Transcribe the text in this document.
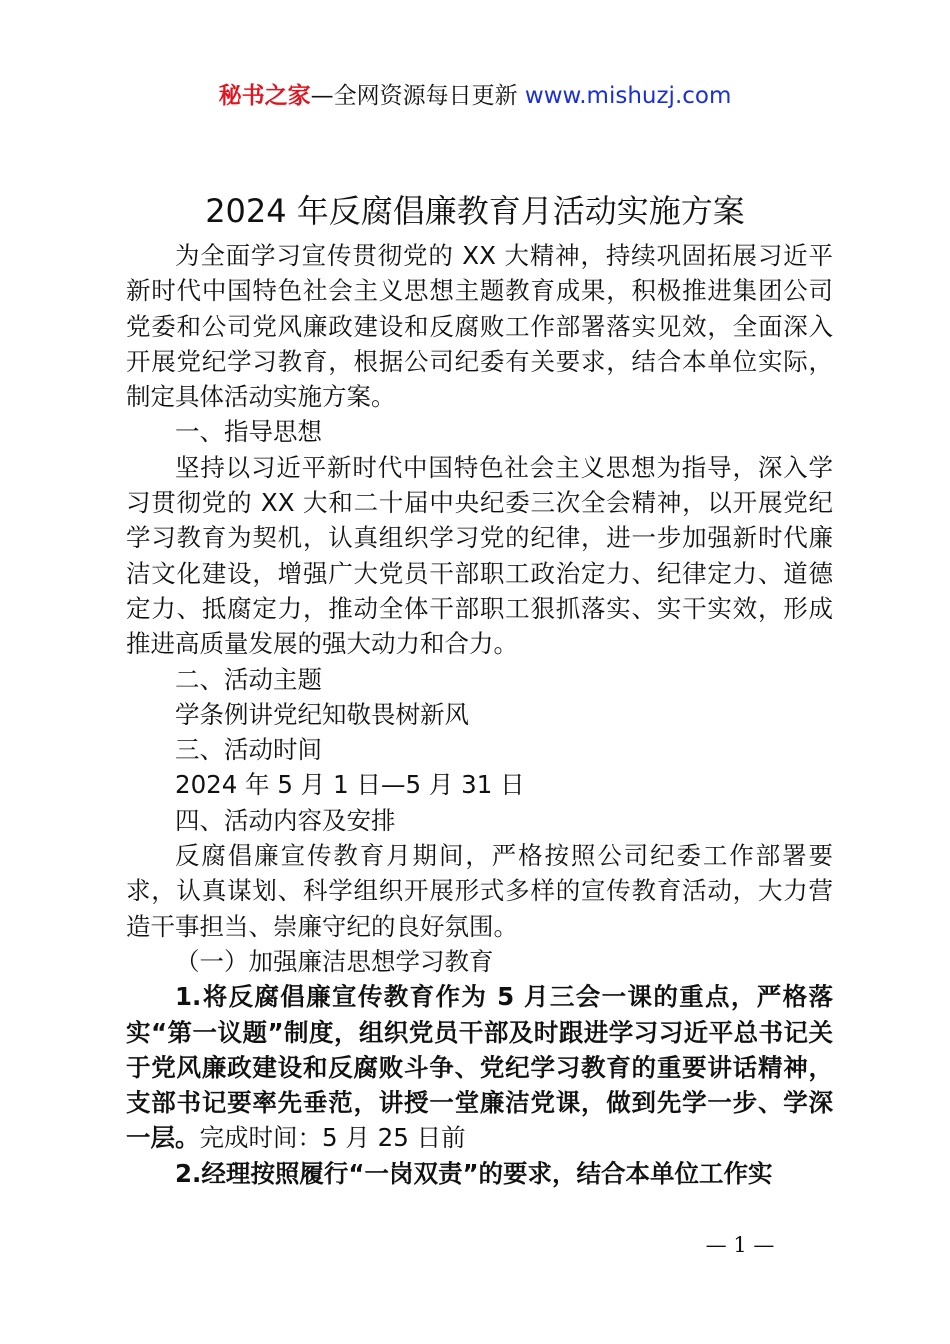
秘书之家—全网资源每日更新 www.mishuzj.com
2024 年反腐倡廉教育月活动实施方案

为全面学习宣传贯彻党的 XX 大精神，持续巩固拓展习近平新时代中国特色社会主义思想主题教育成果，积极推进集团公司党委和公司党风廉政建设和反腐败工作部署落实见效，全面深入开展党纪学习教育，根据公司纪委有关要求，结合本单位实际，制定具体活动实施方案。

一、指导思想

坚持以习近平新时代中国特色社会主义思想为指导，深入学习贯彻党的 XX 大和二十届中央纪委三次全会精神，以开展党纪学习教育为契机，认真组织学习党的纪律，进一步加强新时代廉洁文化建设，增强广大党员干部职工政治定力、纪律定力、道德定力、抵腐定力，推动全体干部职工狠抓落实、实干实效，形成推进高质量发展的强大动力和合力。

二、活动主题

学条例讲党纪知敬畏树新风

三、活动时间

2024 年 5 月 1 日—5 月 31 日

四、活动内容及安排

反腐倡廉宣传教育月期间，严格按照公司纪委工作部署要求，认真谋划、科学组织开展形式多样的宣传教育活动，大力营造干事担当、崇廉守纪的良好氛围。

（一）加强廉洁思想学习教育

1.将反腐倡廉宣传教育作为 5 月三会一课的重点，严格落实“第一议题”制度，组织党员干部及时跟进学习习近平总书记关于党风廉政建设和反腐败斗争、党纪学习教育的重要讲话精神，支部书记要率先垂范，讲授一堂廉洁党课，做到先学一步、学深一层。完成时间：5 月 25 日前

2.经理按照履行“一岗双责”的要求，结合本单位工作实

— 1 —
